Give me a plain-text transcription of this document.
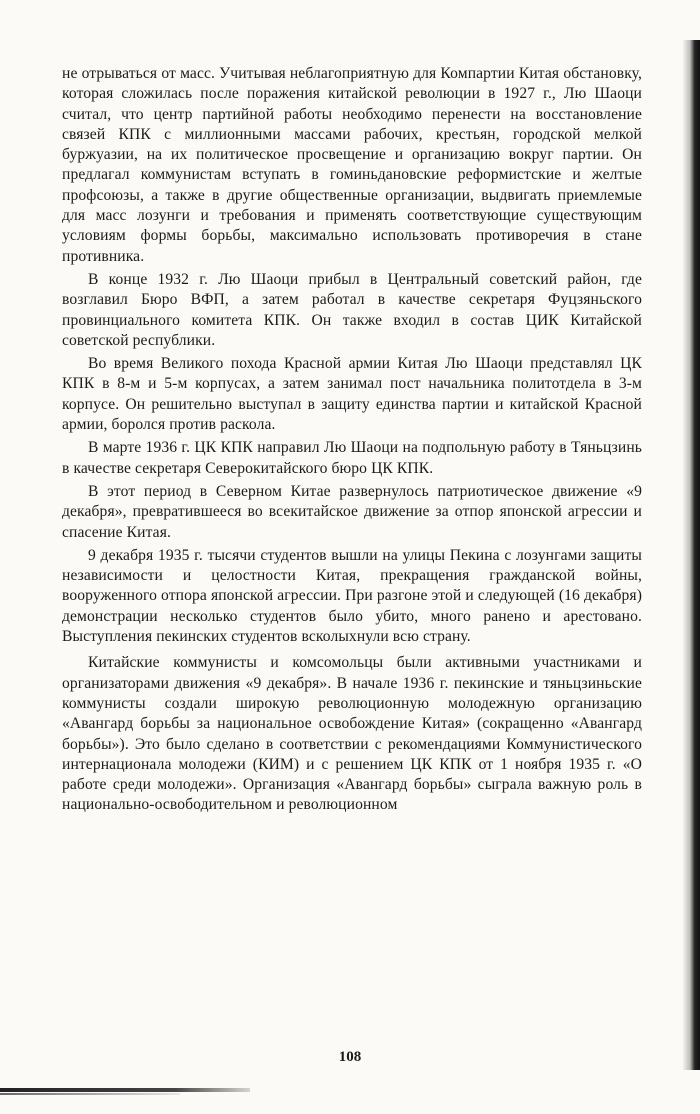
не отрываться от масс. Учитывая неблагоприятную для Компартии Китая обстановку, которая сложилась после поражения китайской революции в 1927 г., Лю Шаоци считал, что центр партийной работы необходимо перенести на восстановление связей КПК с миллионными массами рабочих, крестьян, городской мелкой буржуазии, на их политическое просвещение и организацию вокруг партии. Он предлагал коммунистам вступать в гоминьдановские реформистские и желтые профсоюзы, а также в другие общественные организации, выдвигать приемлемые для масс лозунги и требования и применять соответствующие существующим условиям формы борьбы, максимально использовать противоречия в стане противника.

В конце 1932 г. Лю Шаоци прибыл в Центральный советский район, где возглавил Бюро ВФП, а затем работал в качестве секретаря Фуцзяньского провинциального комитета КПК. Он также входил в состав ЦИК Китайской советской республики.

Во время Великого похода Красной армии Китая Лю Шаоци представлял ЦК КПК в 8-м и 5-м корпусах, а затем занимал пост начальника политотдела в 3-м корпусе. Он решительно выступал в защиту единства партии и китайской Красной армии, боролся против раскола.

В марте 1936 г. ЦК КПК направил Лю Шаоци на подпольную работу в Тяньцзинь в качестве секретаря Северокитайского бюро ЦК КПК.

В этот период в Северном Китае развернулось патриотическое движение «9 декабря», превратившееся во всекитайское движение за отпор японской агрессии и спасение Китая.

9 декабря 1935 г. тысячи студентов вышли на улицы Пекина с лозунгами защиты независимости и целостности Китая, прекращения гражданской войны, вооруженного отпора японской агрессии. При разгоне этой и следующей (16 декабря) демонстрации несколько студентов было убито, много ранено и арестовано. Выступления пекинских студентов всколыхнули всю страну.

Китайские коммунисты и комсомольцы были активными участниками и организаторами движения «9 декабря». В начале 1936 г. пекинские и тяньцзиньские коммунисты создали широкую революционную молодежную организацию «Авангард борьбы за национальное освобождение Китая» (сокращенно «Авангард борьбы»). Это было сделано в соответствии с рекомендациями Коммунистического интернационала молодежи (КИМ) и с решением ЦК КПК от 1 ноября 1935 г. «О работе среди молодежи». Организация «Авангард борьбы» сыграла важную роль в национально-освободительном и революционном

108
